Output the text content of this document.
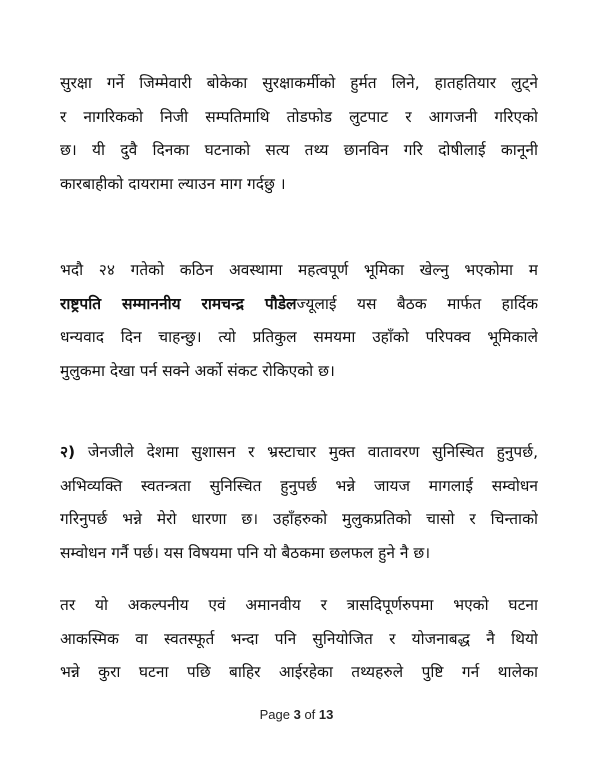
सुरक्षा गर्ने जिम्मेवारी बोकेका सुरक्षाकर्मीको हुर्मत लिने, हातहतियार लुट्ने
र नागरिकको निजी सम्पतिमाथि तोडफोड लुटपाट र आगजनी गरिएको
छ। यी दुवै दिनका घटनाको सत्य तथ्य छानविन गरि दोषीलाई कानूनी
कारबाहीको दायरामा ल्याउन माग गर्दछु ।
भदौ २४ गतेको कठिन अवस्थामा महत्वपूर्ण भूमिका खेल्नु भएकोमा म
राष्ट्रपति सम्माननीय रामचन्द्र पौडेलज्यूलाई यस बैठक मार्फत हार्दिक
धन्यवाद दिन चाहन्छु। त्यो प्रतिकुल समयमा उहाँको परिपक्व भूमिकाले
मुलुकमा देखा पर्न सक्ने अर्को संकट रोकिएको छ।
२) जेनजीले देशमा सुशासन र भ्रस्टाचार मुक्त वातावरण सुनिस्चित हुनुपर्छ,
अभिव्यक्ति स्वतन्त्रता सुनिस्चित हुनुपर्छ भन्ने जायज मागलाई सम्वोधन
गरिनुपर्छ भन्ने मेरो धारणा छ। उहाँहरुको मुलुकप्रतिको चासो र चिन्ताको
सम्वोधन गर्नै पर्छ। यस विषयमा पनि यो बैठकमा छलफल हुने नै छ।
तर यो अकल्पनीय एवं अमानवीय र त्रासदिपूर्णरुपमा भएको घटना
आकस्मिक वा स्वतस्फूर्त भन्दा पनि सुनियोजित र योजनाबद्ध नै थियो
भन्ने कुरा घटना पछि बाहिर आईरहेका तथ्यहरुले पुष्टि गर्न थालेका
Page 3 of 13
